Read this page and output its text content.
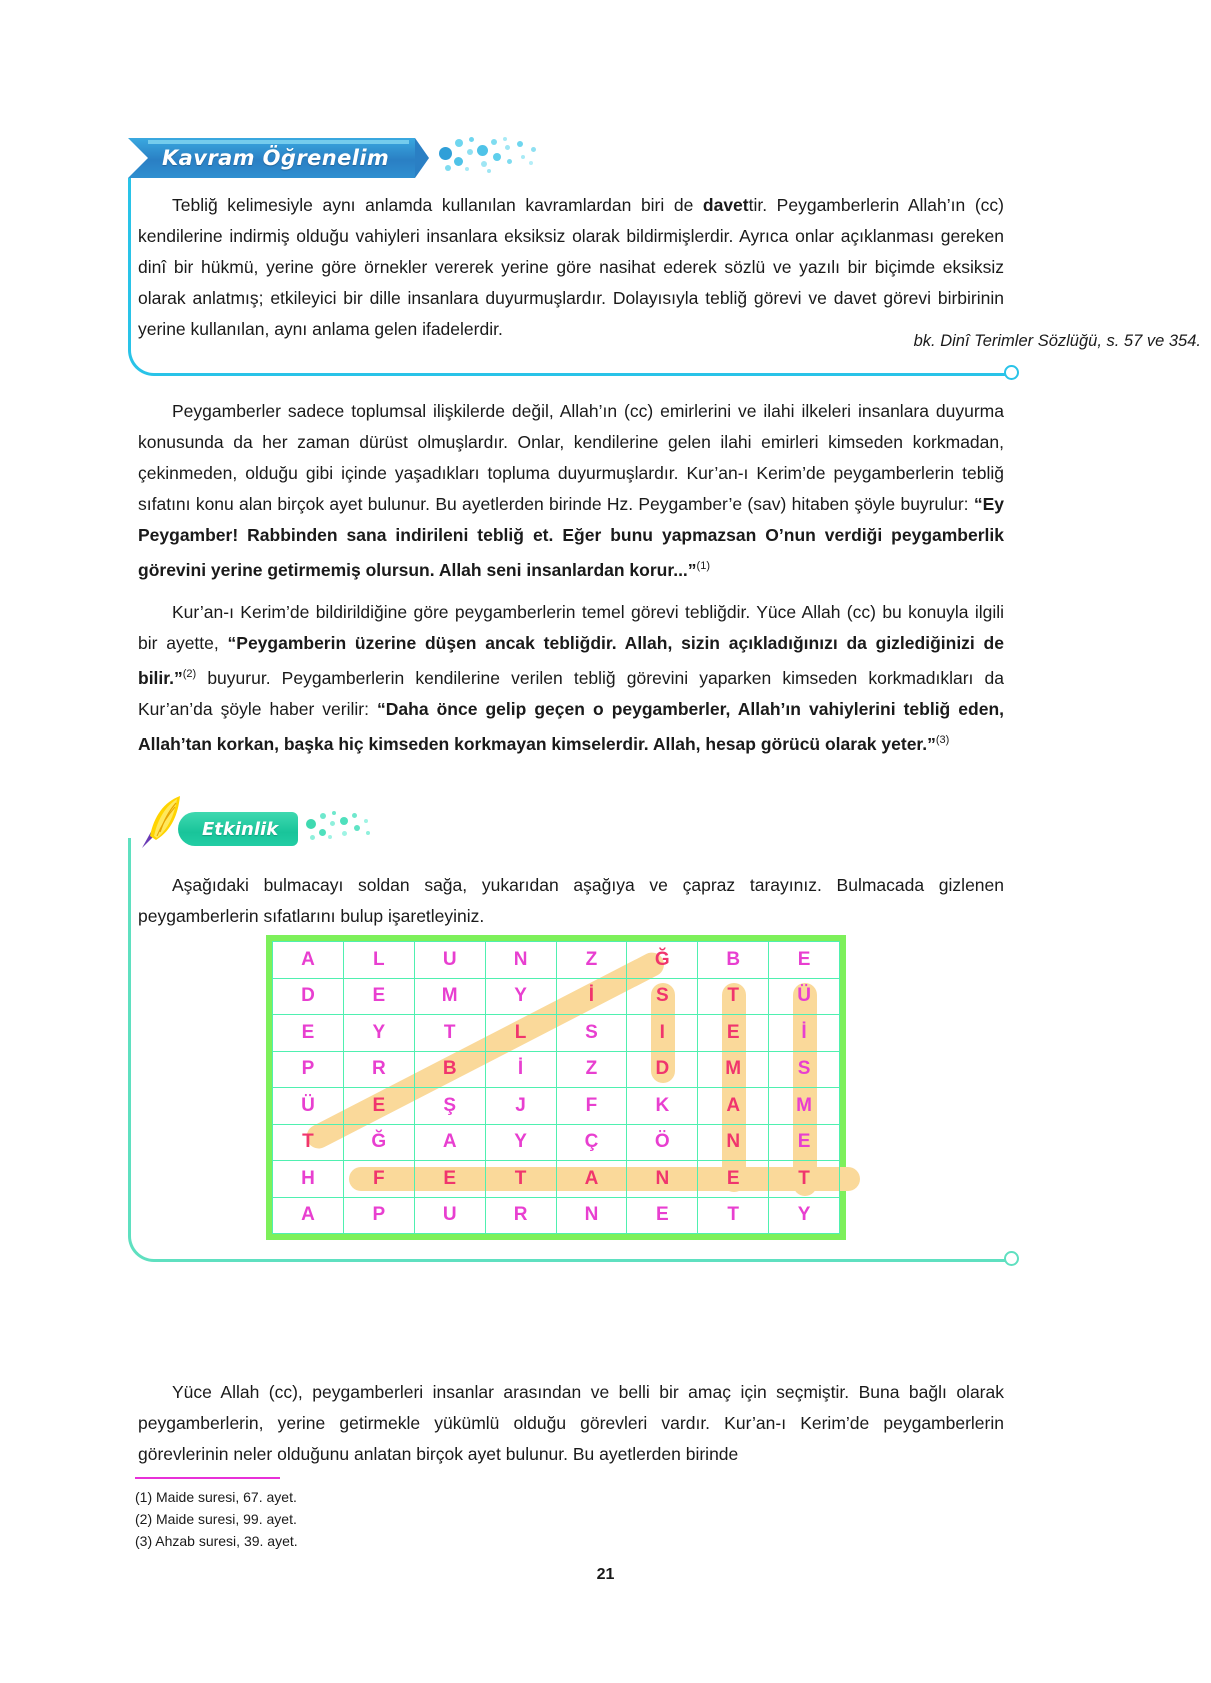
Kavram Öğrenelim
Tebliğ kelimesiyle aynı anlamda kullanılan kavramlardan biri de davettir. Peygamberlerin Allah’ın (cc) kendilerine indirmiş olduğu vahiyleri insanlara eksiksiz olarak bildirmişlerdir. Ayrıca onlar açıklanması gereken dinî bir hükmü, yerine göre örnekler vererek yerine göre nasihat ederek sözlü ve yazılı bir biçimde eksiksiz olarak anlatmış; etkileyici bir dille insanlara duyurmuşlardır. Dolayısıyla tebliğ görevi ve davet görevi birbirinin yerine kullanılan, aynı anlama gelen ifadelerdir.
bk. Dinî Terimler Sözlüğü, s. 57 ve 354.
Peygamberler sadece toplumsal ilişkilerde değil, Allah’ın (cc) emirlerini ve ilahi ilkeleri insanlara duyurma konusunda da her zaman dürüst olmuşlardır. Onlar, kendilerine gelen ilahi emirleri kimseden korkmadan, çekinmeden, olduğu gibi içinde yaşadıkları topluma duyurmuşlardır. Kur’an-ı Kerim’de peygamberlerin tebliğ sıfatını konu alan birçok ayet bulunur. Bu ayetlerden birinde Hz. Peygamber’e (sav) hitaben şöyle buyrulur: “Ey Peygamber! Rabbinden sana indirileni tebliğ et. Eğer bunu yapmazsan O’nun verdiği peygamberlik görevini yerine getirmemiş olursun. Allah seni insanlardan korur...”$^{(1)}$
Kur’an-ı Kerim’de bildirildiğine göre peygamberlerin temel görevi tebliğdir. Yüce Allah (cc) bu konuyla ilgili bir ayette, “Peygamberin üzerine düşen ancak tebliğdir. Allah, sizin açıkladığınızı da gizlediğinizi de bilir.”$^{(2)}$ buyurur. Peygamberlerin kendilerine verilen tebliğ görevini yaparken kimseden korkmadıkları da Kur’an’da şöyle haber verilir: “Daha önce gelip geçen o peygamberler, Allah’ın vahiylerini tebliğ eden, Allah’tan korkan, başka hiç kimseden korkmayan kimselerdir. Allah, hesap görücü olarak yeter.”$^{(3)}$
Etkinlik
Aşağıdaki bulmacayı soldan sağa, yukarıdan aşağıya ve çapraz tarayınız. Bulmacada gizlenen peygamberlerin sıfatlarını bulup işaretleyiniz.
A	L	U	N	Z	Ğ	B	E
D	E	M	Y	İ	S	T	Ü
E	Y	T	L	S	I	E	İ
P	R	B	İ	Z	D	M	S
Ü	E	Ş	J	F	K	A	M
T	Ğ	A	Y	Ç	Ö	N	E
H	F	E	T	A	N	E	T
A	P	U	R	N	E	T	Y
Yüce Allah (cc), peygamberleri insanlar arasından ve belli bir amaç için seçmiştir. Buna bağlı olarak peygamberlerin, yerine getirmekle yükümlü olduğu görevleri vardır. Kur’an-ı Kerim’de peygamberlerin görevlerinin neler olduğunu anlatan birçok ayet bulunur. Bu ayetlerden birinde
(1) Maide suresi, 67. ayet.
(2) Maide suresi, 99. ayet.
(3) Ahzab suresi, 39. ayet.
21
